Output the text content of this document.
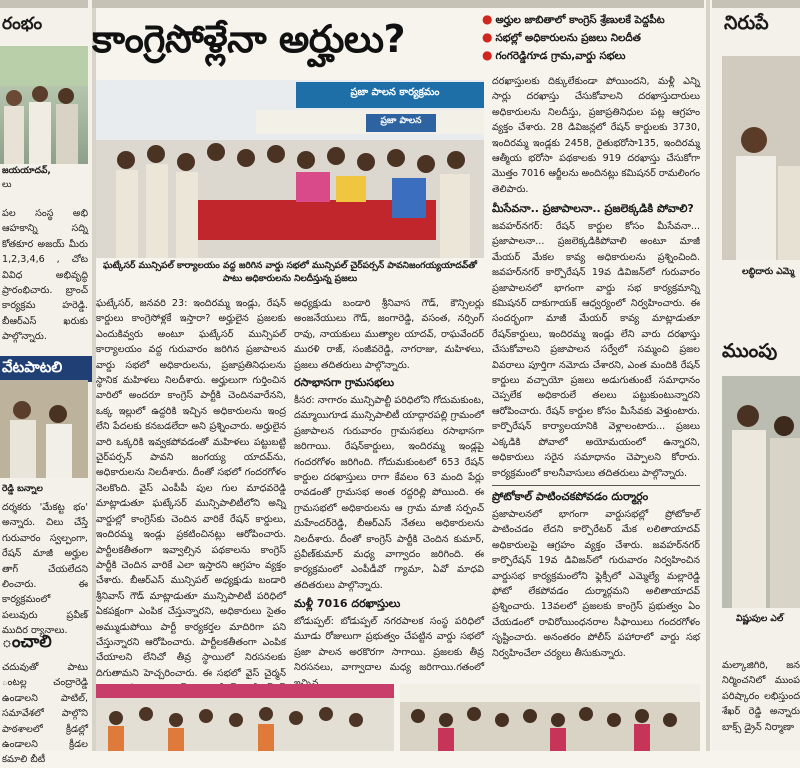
రంభం
జయయాదవ్,
లు

పల సంస్థ అభి ఆహకాన్ని సద్ని కోతకూర అజయ్ మీరు 1,2,3,4,6 , చోట వివిధ అభివృద్ధి ప్రారంభిచారు. బ్రాంచ్ కార్యక్రమ హరెడ్డి. బీఆర్ఎస్ ఖరుకు పాల్గొన్నారు.

వేటపాటలి
రెడ్డి బన్నాల

దర్శకరు 'మేకట్ట భం' అన్నారు. చిలు చేస్తే గురువారం స్వల్పంగా, రేషన్ మాజీ అర్హుల తాగ్ చేయలేదని లించారు. ఈ కార్యక్రమంలో పలువురు ప్రవీణ్ ముదిర ర్యానాలు.

ంచాలి

చదువుతో పాటు ంటల్ల చంద్రారెడ్డి ఉండాలని పాటిల్, సమావేశలో పాల్గొని పాఠశాలలో క్రీడల్లో ఉండాలని క్రీడల కమాలి బీటీ

కాంగ్రెసోళ్లేనా అర్హులు?	● అర్హుల జాబితాలో కాంగ్రెస్ శ్రేణులకే పెద్దపీట
● సభల్లో అధికారులను ప్రజలు నిలదీత
● గంగరెడ్డిగూడ గ్రామ,వార్డు సభలు
ప్రజా పాలన కార్యక్రమం
ప్రజా పాలన
ఘట్కేసర్ మున్సిపల్ కార్యాలయం వద్ద జరిగిన వార్డు సభలో మున్సిపల్ చైర్‌పర్సన్ పావనిజంగయ్యయాదవ్‌తో పాటు అధికారులను నిలదీస్తున్న ప్రజలు

ఘట్కేసర్, జనవరి 23: ఇందిరమ్మ ఇండ్లు, రేషన్ కార్డులు కాంగ్రెసోళ్లకే ఇస్తారా? అర్హులైన ప్రజలకు ఎందుకివ్వరు అంటూ ఘట్కేసర్ మున్సిపల్ కార్యాలయం వద్ద గురువారం జరిగిన ప్రజాపాలన వార్డు సభలో అధికారులను, ప్రజాప్రతినిధులను స్థానిక మహిళలు నిలదీశారు. అర్హులుగా గుర్తించిన వారిలో అందరూ కాంగ్రెస్ పార్టీకి చెందినవారేనని, ఒక్క ఇల్లులో ఉద్దరికి ఇచ్చిన అధికారులను ఇంద్ర లేని పేదలకు కనబడలేదా అని ప్రశ్నించారు. అర్హులైన వారి ఒక్కరికి ఇవ్వకపోవడంతో మహిళలు పట్టుబట్టి చైర్‌పర్సన్ పావని జంగయ్య యాదవ్‌ను, అధికారులను నిలదీశారు. దీంతో సభలో గందరగోళం నెలకొంది. వైస్ ఎంపీపీ పుల గుల మాధవరెడ్డి మాట్లాడుతూ ఘట్కేసర్ మున్సిపాలిటీలోని అన్ని వార్డుల్లో కాంగ్రెస్‌కు చెందిన వారికే రేషన్ కార్డులు, ఇందిరమ్మ ఇండ్లు ప్రకటించినట్లు ఆరోపించారు. పార్టీలకతీతంగా ఇవ్వాల్సిన పథకాలను కాంగ్రెస్ పార్టీకి చెందిన వారికే ఎలా ఇస్తారని ఆగ్రహం వ్యక్తం చేశారు. బీఆర్ఎస్ మున్సిపల్ అధ్యక్షుడు బండారి శ్రీనివాస్ గౌడ్ మాట్లాడుతూ మున్సిపాలిటీ పరిధిలో ఏకపక్షంగా ఎంపిక చేస్తున్నారని, అధికారులు సైతం అమ్ముడుపోయి పార్టీ కార్యకర్తల మాదిరిగా పని చేస్తున్నారని ఆరోపించారు. పార్టీలకతీతంగా ఎంపిక చేయాలని లేనిచో తీవ్ర స్థాయిలో నిరసనలకు దిగుతామని హెచ్చరించారు. ఈ సభలో వైస్ చైర్మన్

అధ్యక్షుడు బండారి శ్రీనివాస గౌడ్, కౌన్సిలర్లు అంజనేయులు గౌడ్, జంగారెడ్డి, వసంత, నర్సింగ్ రావు, నాయకులు ముత్యాల యాదవ్, రాఘవేందర్ మురళి రాజ్, సంజీవరెడ్డి, నాగరాజు, మహిళలు, ప్రజలు తదితరులు పాల్గొన్నారు.

రసాభాసగా గ్రామసభలు

కీసర: నాగారం మున్సిపాల్టీ పరిధిలోని గోదుమకుంట, దమ్మాయిగూడ మున్సిపాలిటీ యాద్గారపల్లి గ్రామంలో ప్రజాపాలన గురువారం గ్రామసభలు రసాభాసగా జరిగాయి. రేషన్‌కార్డులు, ఇందిరమ్మ ఇండ్లపై గందరగోళం జరిగింది. గోదుమకుంటలో 653 రేషన్ కార్డుల దరఖాస్తులు రాగా కేవలం 63 మంది పేర్లు రావడంతో గ్రామసభ అంత రద్దరిల్లి పోయింది. ఈ గ్రామసభలో అధికారులను ఆ గ్రామ మాజీ సర్పంచ్ మహేందర్‌రెడ్డి, బీఆర్ఎస్ నేతలు అధికారులను నిలదీశారు. దీంతో కాంగ్రెస్ పార్టీకి చెందిన కుమార్, ప్రవీణ్‌కుమార్ మధ్య వాగ్వాదం జరిగింది. ఈ కార్యక్రమంలో ఎంపీడీవో గ్యామా, ఏవో మాధవి తదితరులు పాల్గొన్నారు.

మళ్లీ 7016 దరఖాస్తులు

బోడుప్పల్: బోడుప్పల్ నగరపాలక సంస్థ పరిధిలో మూడు రోజులుగా ప్రభుత్వం చేపట్టిన వార్డు సభలో ప్రజా పాలన అరకొరగా సాగాయి. ప్రజలకు తీవ్ర నిరసనలు, వాగ్వాదాల మధ్య జరిగాయి.గతంలో

దరఖాస్తులకు దిక్కులేకుండా పోయిందని, మళ్లీ ఎన్ని సార్లు దరఖాస్తు చేసుకోవాలని దరఖాస్తుదారులు అధికారులను నిలదీస్తు, ప్రజాప్రతినిధుల పట్ల ఆగ్రహం వ్యక్తం చేశారు. 28 డివిజన్లలో రేషన్ కార్డులకు 3730, ఇందిరమ్మ ఇండ్లకు 2458, రైతుభరోసా135, ఇందిరమ్మ ఆత్మీయ భరోసా పథకాలకు 919 దరఖాస్తు చేసుకోగా మొత్తం 7016 ఆర్జీలను అందినట్లు కమిషనర్ రామలింగం తెలిపారు.

మీసేవనా.. ప్రజాపాలనా.. ప్రజలెక్కడికి పోవాలి?

జవహర్‌నగర్: రేషన్ కార్డుల కోసం మీసేవనా... ప్రజాపాలనా... ప్రజలెక్కడికిపోవాలి అంటూ మాజీ మేయర్ మేకల కావ్య అధికారులను ప్రశ్నించింది. జవహర్‌నగర్ కార్పొరేషన్ 19వ డివిజన్‌లో గురువారం ప్రజాపాలనలో భాగంగా వార్డు సభ కార్యక్రమాన్ని కమిషనర్ దాకుగాయక్ ఆధ్వర్యంలో నిర్వహించారు. ఈ సందర్భంగా మాజీ మేయర్ కావ్య మాట్లాడుతూ రేషన్‌కార్డులు, ఇందిరమ్మ ఇండ్లు లేని వారు దరఖాస్తు చేసుకోవాలని ప్రజాపాలన సర్వేలో సమ్మంచి ప్రజల వివరాలు పూర్తిగా నమోదు చేశారని, ఎంత మందికి రేషన్ కార్డులు వచ్చాయో ప్రజలు అడుగుతుంటే సమాధానం చెప్పలేక అధికారులే తలలు పట్టుకుంటున్నారని ఆరోపించారు. రేషన్ కార్డుల కోసం మీసేవకు వెళ్తుంటారు. కార్పొరేషన్ కార్యాలయానికి వెళ్లాలంటారు... ప్రజలు ఎక్కడికి పోవాలో అయోమయంలో ఉన్నారని, అధికారులు సరైన సమాధానం చెప్పాలని కోరారు. కార్యక్రమంలో కాలనీవాసులు తదితరులు పాల్గొన్నారు.

ప్రోటోకాల్ పాటించకపోవడం దుర్మార్గం

ప్రజాపాలనలో భాగంగా వార్డుసభల్లో ప్రోటోకాల్ పాటించడం లేదని కార్పొరేటర్ మేక లలితాయాదవ్ అధికారులపై ఆగ్రహం వ్యక్తం చేశారు. జవహర్‌నగర్ కార్పొరేషన్ 19వ డివిజన్‌లో గురువారం నిర్వహించిన వార్డుసభ కార్యక్రమంలోని ఫ్లెక్సీలో ఎమ్మెల్యే మల్లారెడ్డి ఫోటో లేకపోవడం దుర్మార్గమని అలితాయాదవ్ ప్రశ్నించారు. 13వలలో ప్రజలకు కాంగ్రెస్ ప్రభుత్వం ఏం చేయడంలో రావిరోయింధనరాల సీఫాయిలు గందరగోళం సృష్టించారు. అనంతరం పోలీస్ పహారాలో వార్డు సభ నిర్వహించేలా చర్యలు తీసుకున్నారు.

నిరుపే
లబ్ధిదారు ఎమ్మె
ముంపు
విష్ణుపుల ఎల్

మల్కాజిగిరి, జన నిర్మించనిలో ముంప పరిష్కారం లభిస్తుంద శేఖర్ రెడ్డి అన్నారు బాక్స్ డ్రైన్ నిర్మాణా
